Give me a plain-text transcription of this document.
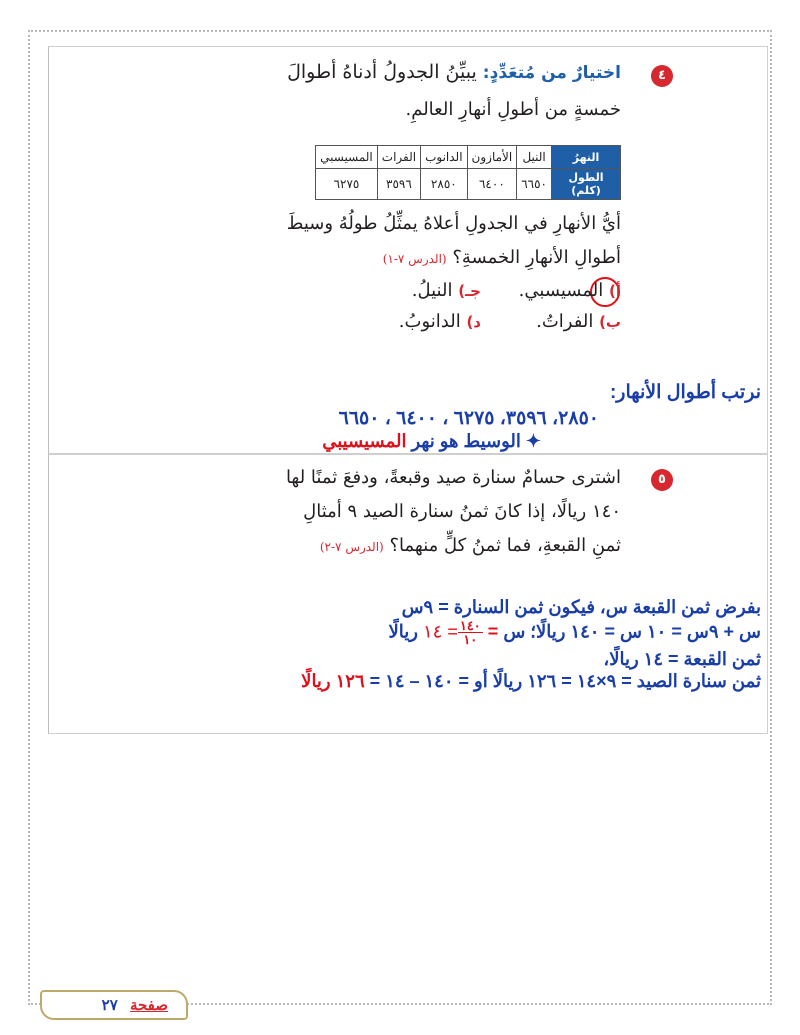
٤
اختيارٌ من مُتعَدِّدٍ: يبيِّنُ الجدولُ أدناهُ أطوالَ
خمسةٍ من أطولِ أنهارِ العالمِ.
النهرُ	النيل	الأمازون	الدانوب	الفرات	المسيسبي
الطول (كلم)	٦٦٥٠	٦٤٠٠	٢٨٥٠	٣٥٩٦	٦٢٧٥
أيُّ الأنهارِ في الجدولِ أعلاهُ يمثِّلُ طولُهُ وسيطَ
أطوالِ الأنهارِ الخمسةِ؟ (الدرس ٧-١)
أ) المسيسبي.
جـ) النيلُ.
ب) الفراتُ.
د) الدانوبُ.
نرتب أطوال الأنهار:
٢٨٥٠، ٣٥٩٦، ٦٢٧٥ ، ٦٤٠٠ ، ٦٦٥٠
✦ الوسيط هو نهر المسيسيبي
٥
اشترى حسامٌ سنارة صيد وقبعةً، ودفعَ ثمنًا لها
١٤٠ ريالًا، إذا كانَ ثمنُ سنارة الصيد ٩ أمثالِ
ثمنِ القبعةِ، فما ثمنُ كلٍّ منهما؟ (الدرس ٧-٢)
بفرض ثمن القبعة س، فيكون ثمن السنارة = ٩س
س + ٩س = ١٠ س = ١٤٠ ريالًا؛ س =
$\frac{١٤٠}{١٠}$
= ١٤ ريالًا
ثمن القبعة = ١٤ ريالًا،
ثمن سنارة الصيد = ٩×١٤ = ١٢٦ ريالًا أو = ١٤٠ – ١٤ = ١٢٦ ريالًا
صفحة ٢٧
